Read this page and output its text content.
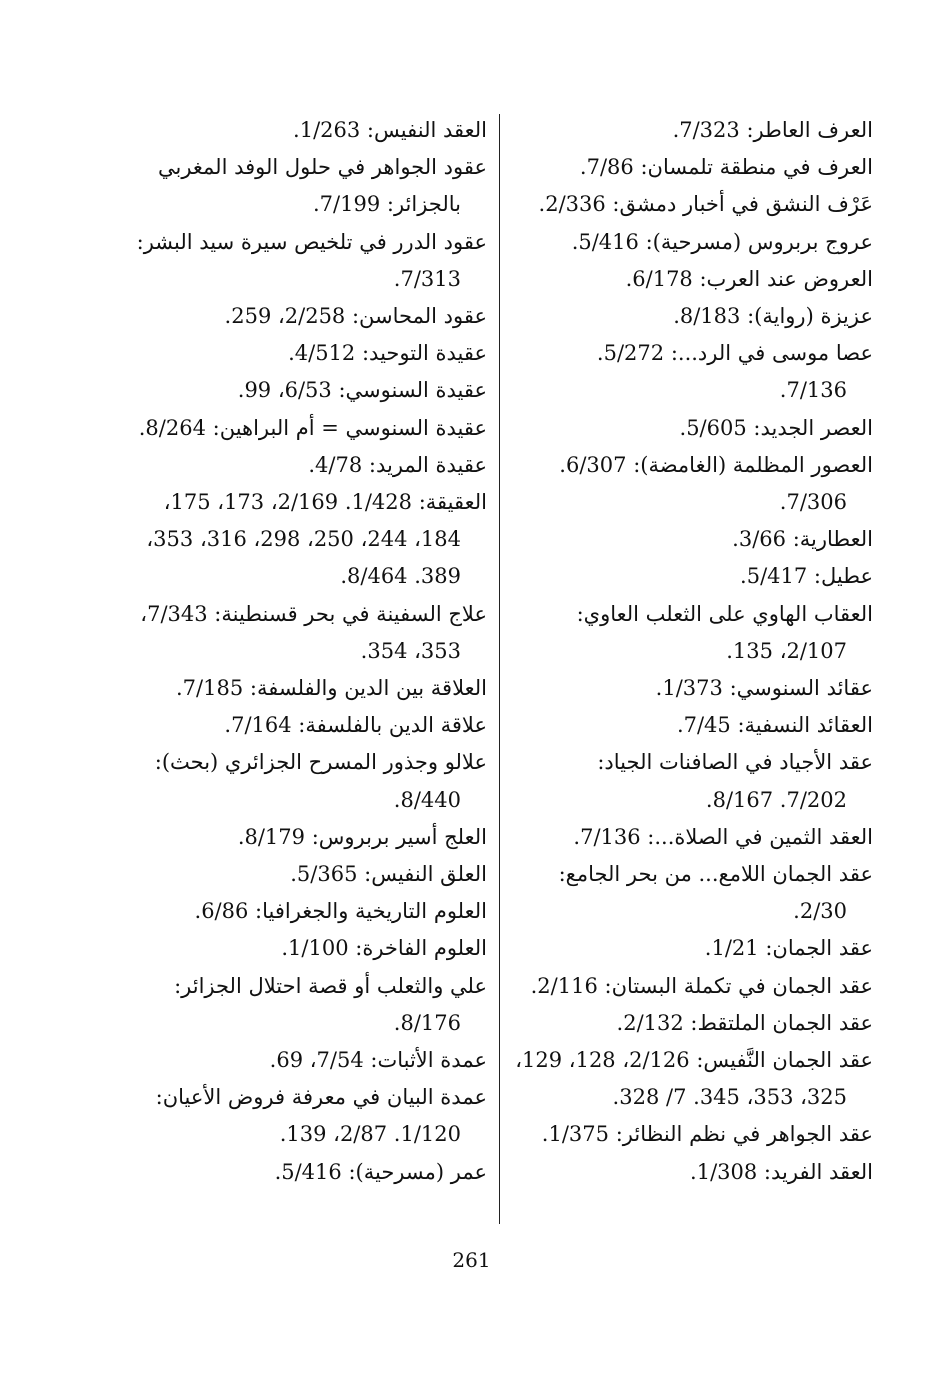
العرف العاطر: 7/323.

العرف في منطقة تلمسان: 7/86.

عَرْف النشق في أخبار دمشق: 2/336.

عروج بربروس (مسرحية): 5/416.

العروض عند العرب: 6/178.

عزيزة (رواية): 8/183.

عصا موسى في الرد...: 5/272.
7/136.

العصر الجديد: 5/605.

العصور المظلمة (الغامضة): 6/307.
7/306.

العطارية: 3/66.

عطيل: 5/417.

العقاب الهاوي على الثعلب العاوي:
2/107، 135.

عقائد السنوسي: 1/373.

العقائد النسفية: 7/45.

عقد الأجياد في الصافنات الجياد:
7/202. 8/167.

العقد الثمين في الصلاة...: 7/136.

عقد الجمان اللامع... من بحر الجامع:
2/30.

عقد الجمان: 1/21.

عقد الجمان في تكملة البستان: 2/116.

عقد الجمان الملتقط: 2/132.

عقد الجمان النَّفيس: 2/126، 128، 129،
325، 353، 345. 7/ 328.

عقد الجواهر في نظم النظائر: 1/375.

العقد الفريد: 1/308.

العقد النفيس: 1/263.

عقود الجواهر في حلول الوفد المغربي
بالجزائر: 7/199.

عقود الدرر في تلخيص سيرة سيد البشر:
7/313.

عقود المحاسن: 2/258، 259.

عقيدة التوحيد: 4/512.

عقيدة السنوسي: 6/53، 99.

عقيدة السنوسي = أم البراهين: 8/264.

عقيدة المريد: 4/78.

العقيقة: 1/428. 2/169، 173، 175،
184، 244، 250، 298، 316، 353،
389. 8/464.

علاج السفينة في بحر قسنطينة: 7/343،
353، 354.

العلاقة بين الدين والفلسفة: 7/185.

علاقة الدين بالفلسفة: 7/164.

علالو وجذور المسرح الجزائري (بحث):
8/440.

العلج أسير بربروس: 8/179.

العلق النفيس: 5/365.

العلوم التاريخية والجغرافيا: 6/86.

العلوم الفاخرة: 1/100.

علي والثعلب أو قصة احتلال الجزائر:
8/176.

عمدة الأثبات: 7/54، 69.

عمدة البيان في معرفة فروض الأعيان:
1/120. 2/87، 139.

عمر (مسرحية): 5/416.

261
